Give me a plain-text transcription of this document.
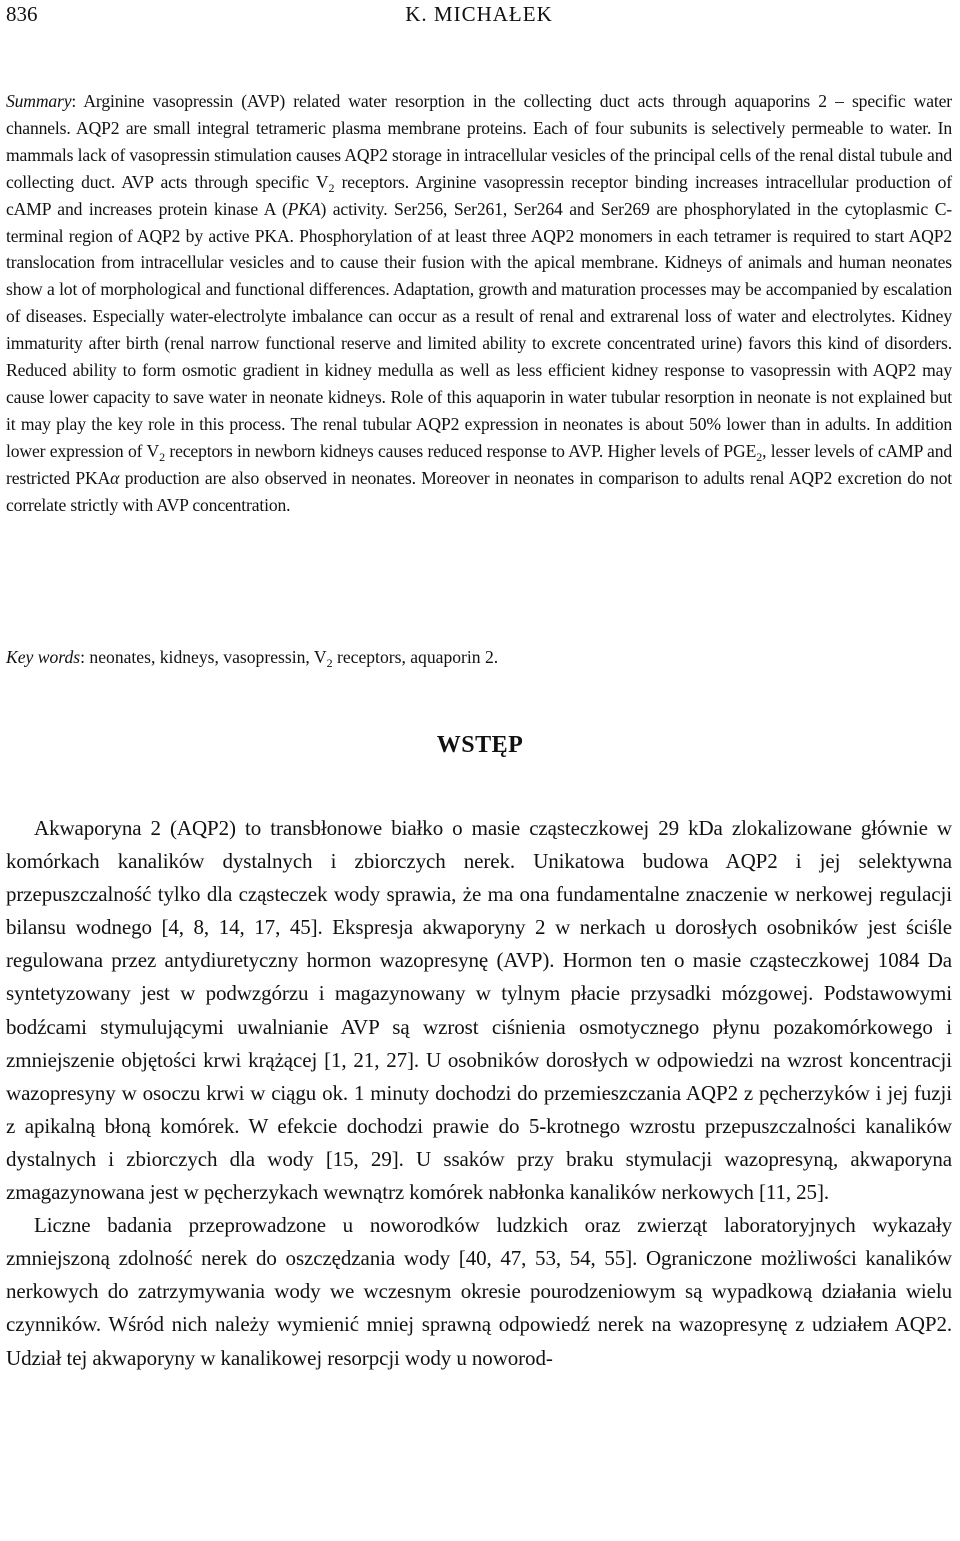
836	K. MICHAŁEK
Summary: Arginine vasopressin (AVP) related water resorption in the collecting duct acts through aquaporins 2 – specific water channels. AQP2 are small integral tetrameric plasma membrane proteins. Each of four subunits is selectively permeable to water. In mammals lack of vasopressin stimulation causes AQP2 storage in intracellular vesicles of the principal cells of the renal distal tubule and collecting duct. AVP acts through specific $V_2$ receptors. Arginine vasopressin receptor binding increases intracellular production of cAMP and increases protein kinase A (PKA) activity. Ser256, Ser261, Ser264 and Ser269 are phosphorylated in the cytoplasmic C-terminal region of AQP2 by active PKA. Phosphorylation of at least three AQP2 monomers in each tetramer is required to start AQP2 translocation from intracellular vesicles and to cause their fusion with the apical membrane. Kidneys of animals and human neonates show a lot of morphological and functional differences. Adaptation, growth and maturation processes may be accompanied by escalation of diseases. Especially water-electrolyte imbalance can occur as a result of renal and extrarenal loss of water and electrolytes. Kidney immaturity after birth (renal narrow functional reserve and limited ability to excrete concentrated urine) favors this kind of disorders. Reduced ability to form osmotic gradient in kidney medulla as well as less efficient kidney response to vasopressin with AQP2 may cause lower capacity to save water in neonate kidneys. Role of this aquaporin in water tubular resorption in neonate is not explained but it may play the key role in this process. The renal tubular AQP2 expression in neonates is about 50% lower than in adults. In addition lower expression of $V_2$ receptors in newborn kidneys causes reduced response to AVP. Higher levels of $PGE_2$, lesser levels of cAMP and restricted PKAα production are also observed in neonates. Moreover in neonates in comparison to adults renal AQP2 excretion do not correlate strictly with AVP concentration.
Key words: neonates, kidneys, vasopressin, $V_2$ receptors, aquaporin 2.
WSTĘP

Akwaporyna 2 (AQP2) to transbłonowe białko o masie cząsteczkowej 29 kDa zlokalizowane głównie w komórkach kanalików dystalnych i zbiorczych nerek. Unikatowa budowa AQP2 i jej selektywna przepuszczalność tylko dla cząsteczek wody sprawia, że ma ona fundamentalne znaczenie w nerkowej regulacji bilansu wodnego [4, 8, 14, 17, 45]. Ekspresja akwaporyny 2 w nerkach u dorosłych osobników jest ściśle regulowana przez antydiuretyczny hormon wazopresynę (AVP). Hormon ten o masie cząsteczkowej 1084 Da syntetyzowany jest w podwzgórzu i magazynowany w tylnym płacie przysadki mózgowej. Podstawowymi bodźcami stymulującymi uwalnianie AVP są wzrost ciśnienia osmotycznego płynu pozakomórkowego i zmniejszenie objętości krwi krążącej [1, 21, 27]. U osobników dorosłych w odpowiedzi na wzrost koncentracji wazopresyny w osoczu krwi w ciągu ok. 1 minuty dochodzi do przemieszczania AQP2 z pęcherzyków i jej fuzji z apikalną błoną komórek. W efekcie dochodzi prawie do 5-krotnego wzrostu przepuszczalności kanalików dystalnych i zbiorczych dla wody [15, 29]. U ssaków przy braku stymulacji wazopresyną, akwaporyna zmagazynowana jest w pęcherzykach wewnątrz komórek nabłonka kanalików nerkowych [11, 25].

Liczne badania przeprowadzone u noworodków ludzkich oraz zwierząt laboratoryjnych wykazały zmniejszoną zdolność nerek do oszczędzania wody [40, 47, 53, 54, 55]. Ograniczone możliwości kanalików nerkowych do zatrzymywania wody we wczesnym okresie pourodzeniowym są wypadkową działania wielu czynników. Wśród nich należy wymienić mniej sprawną odpowiedź nerek na wazopresynę z udziałem AQP2. Udział tej akwaporyny w kanalikowej resorpcji wody u noworod-
